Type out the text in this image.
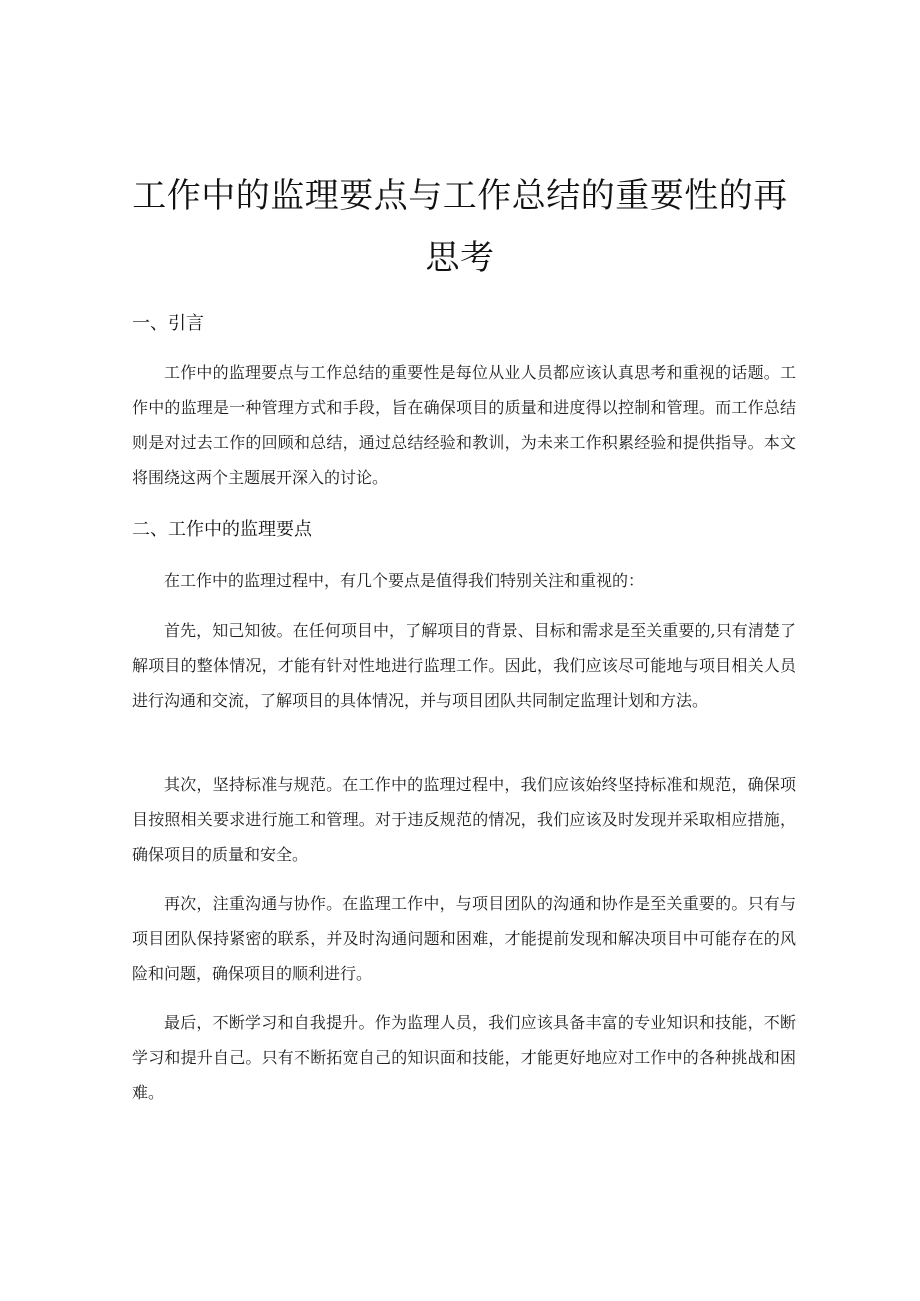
工作中的监理要点与工作总结的重要性的再思考
一、引言

工作中的监理要点与工作总结的重要性是每位从业人员都应该认真思考和重视的话题。工作中的监理是一种管理方式和手段，旨在确保项目的质量和进度得以控制和管理。而工作总结则是对过去工作的回顾和总结，通过总结经验和教训，为未来工作积累经验和提供指导。本文将围绕这两个主题展开深入的讨论。

二、工作中的监理要点

在工作中的监理过程中，有几个要点是值得我们特别关注和重视的：

首先，知己知彼。在任何项目中，了解项目的背景、目标和需求是至关重要的,只有清楚了解项目的整体情况，才能有针对性地进行监理工作。因此，我们应该尽可能地与项目相关人员进行沟通和交流，了解项目的具体情况，并与项目团队共同制定监理计划和方法。

其次，坚持标准与规范。在工作中的监理过程中，我们应该始终坚持标准和规范，确保项目按照相关要求进行施工和管理。对于违反规范的情况，我们应该及时发现并采取相应措施，确保项目的质量和安全。

再次，注重沟通与协作。在监理工作中，与项目团队的沟通和协作是至关重要的。只有与项目团队保持紧密的联系，并及时沟通问题和困难，才能提前发现和解决项目中可能存在的风险和问题，确保项目的顺利进行。

最后，不断学习和自我提升。作为监理人员，我们应该具备丰富的专业知识和技能，不断学习和提升自己。只有不断拓宽自己的知识面和技能，才能更好地应对工作中的各种挑战和困难。
